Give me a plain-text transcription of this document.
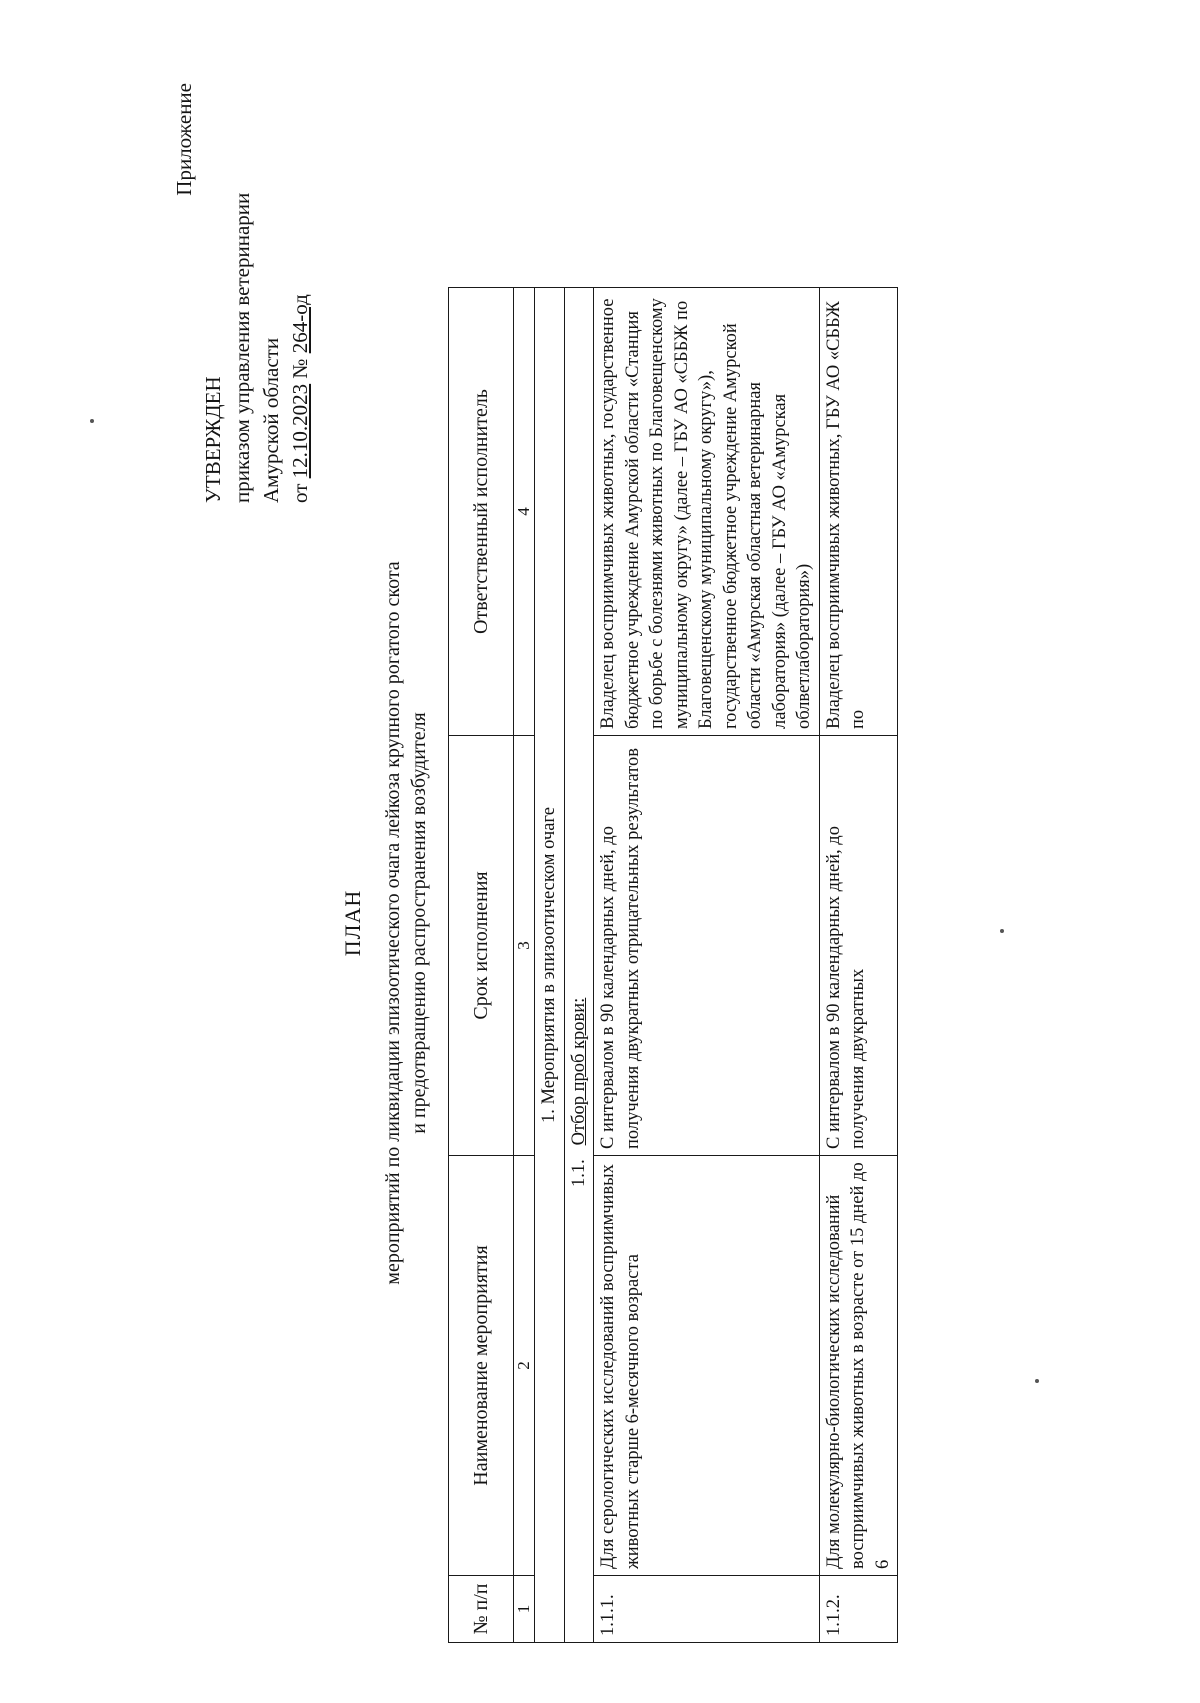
Приложение
УТВЕРЖДЕН приказом управления ветеринарии Амурской области от 12.10.2023 № 264-од
ПЛАН мероприятий по ликвидации эпизоотического очага лейкоза крупного рогатого скота и предотвращению распространения возбудителя
№ п/п	Наименование мероприятия	Срок исполнения	Ответственный исполнитель
1	2	3	4
1. Мероприятия в эпизоотическом очаге			
1.1.   Отбор проб крови:			
1.1.1.	Для серологических исследований восприимчивых животных старше 6-месячного возраста	С интервалом в 90 календарных дней, до получения двукратных отрицательных результатов	Владелец восприимчивых животных, государственное бюджетное учреждение Амурской области «Станция по борьбе с болезнями животных по Благовещенскому муниципальному округу» (далее – ГБУ АО «СББЖ по Благовещенскому муниципальному округу»), государственное бюджетное учреждение Амурской области «Амурская областная ветеринарная лаборатория» (далее – ГБУ АО «Амурская облветлаборатория»)
1.1.2.	Для молекулярно-биологических исследований восприимчивых животных в возрасте от 15 дней до 6	С интервалом в 90 календарных дней, до получения двукратных	Владелец восприимчивых животных, ГБУ АО «СББЖ по
